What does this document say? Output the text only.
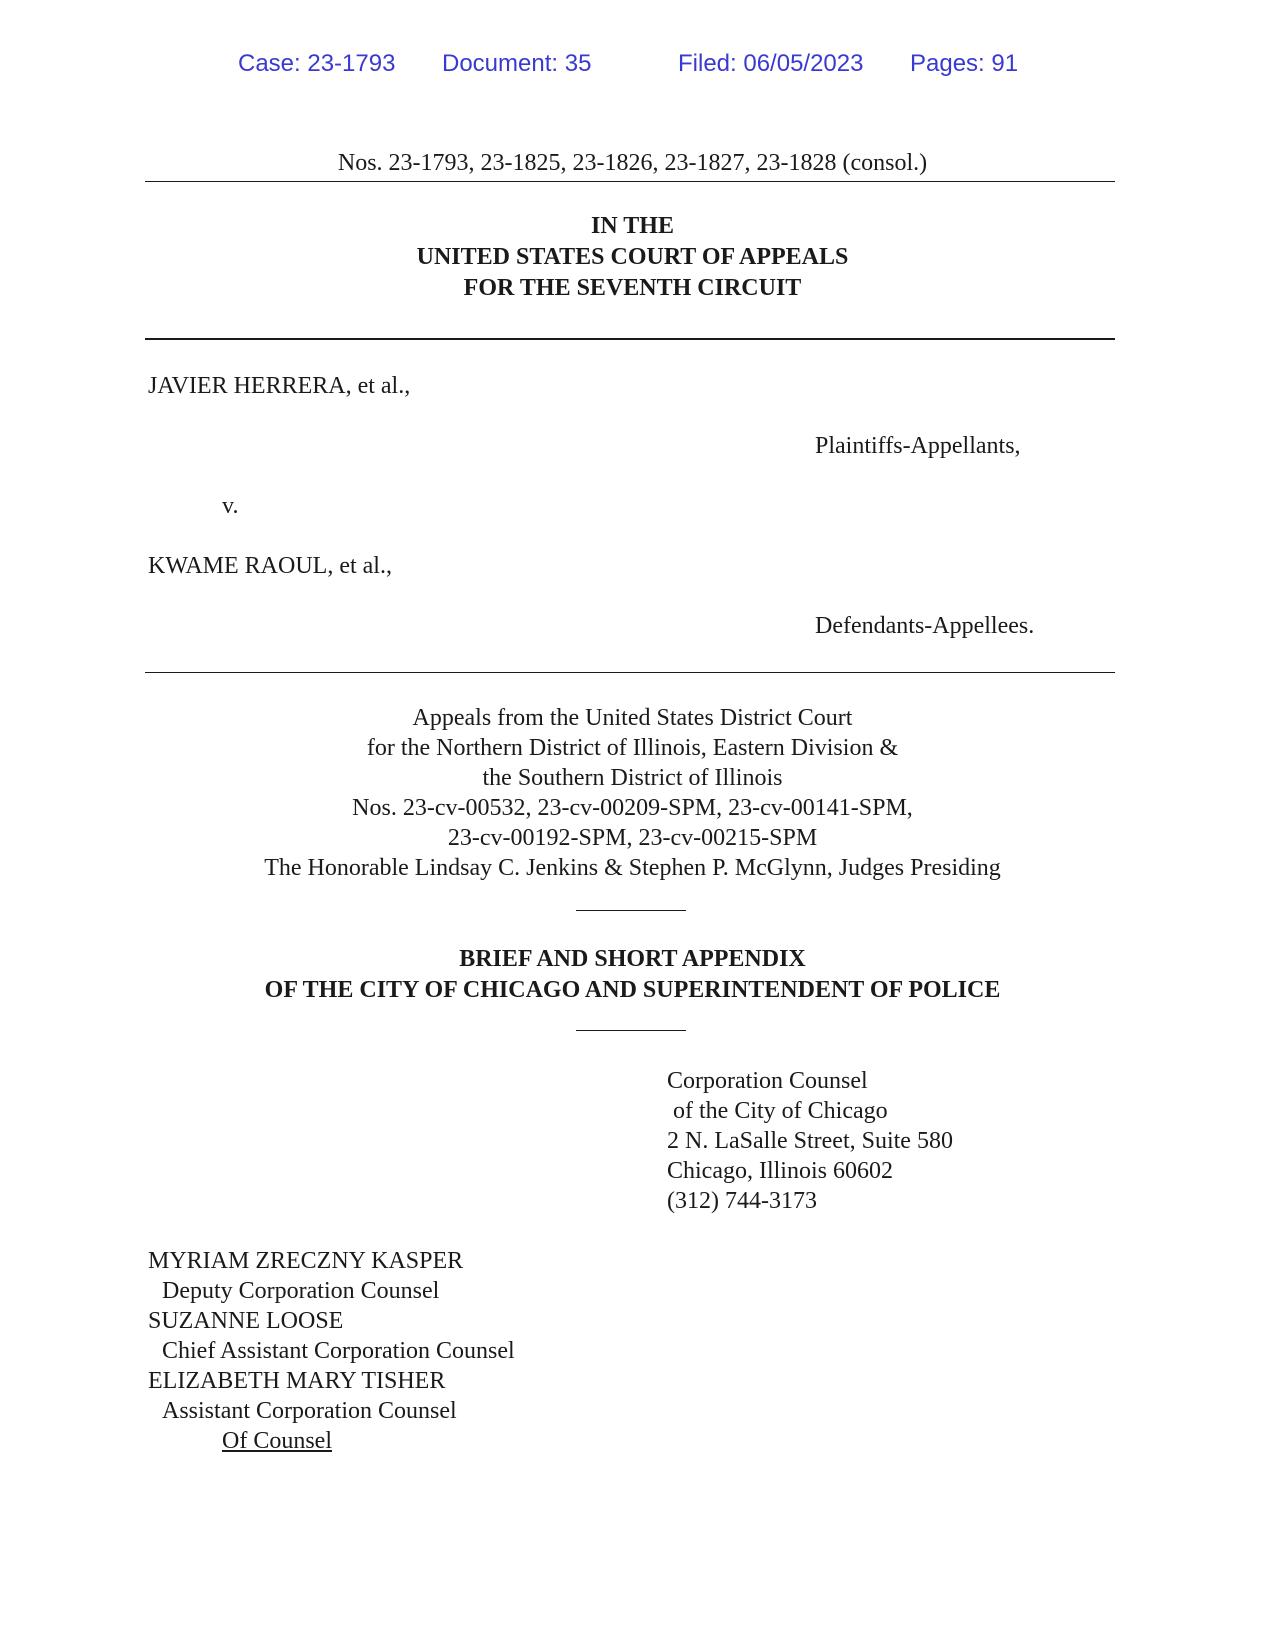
Case: 23-1793 Document: 35	Filed: 06/05/2023 Pages: 91
Nos. 23-1793, 23-1825, 23-1826, 23-1827, 23-1828 (consol.)
IN THE
UNITED STATES COURT OF APPEALS
FOR THE SEVENTH CIRCUIT
JAVIER HERRERA, et al.,
Plaintiffs-Appellants,
v.
KWAME RAOUL, et al.,
Defendants-Appellees.
Appeals from the United States District Court
for the Northern District of Illinois, Eastern Division &
the Southern District of Illinois
Nos. 23-cv-00532, 23-cv-00209-SPM, 23-cv-00141-SPM,
23-cv-00192-SPM, 23-cv-00215-SPM
The Honorable Lindsay C. Jenkins & Stephen P. McGlynn, Judges Presiding
BRIEF AND SHORT APPENDIX
OF THE CITY OF CHICAGO AND SUPERINTENDENT OF POLICE
Corporation Counsel
of the City of Chicago
2 N. LaSalle Street, Suite 580
Chicago, Illinois 60602
(312) 744-3173
MYRIAM ZRECZNY KASPER
Deputy Corporation Counsel
SUZANNE LOOSE
Chief Assistant Corporation Counsel
ELIZABETH MARY TISHER
Assistant Corporation Counsel
Of Counsel
